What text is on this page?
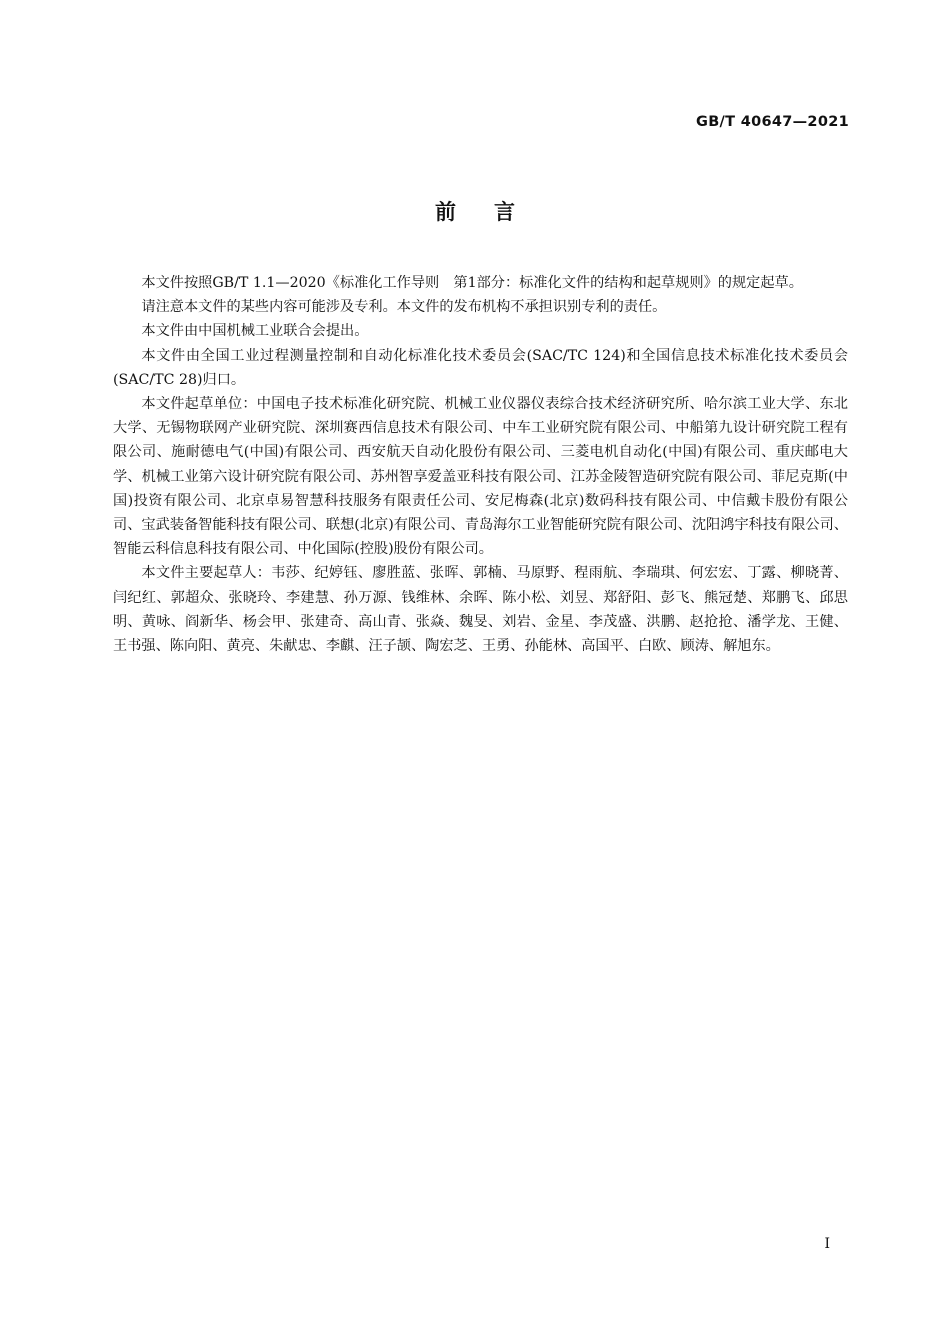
GB/T 40647—2021
前言

本文件按照GB/T 1.1—2020《标准化工作导则　第1部分：标准化文件的结构和起草规则》的规定起草。

请注意本文件的某些内容可能涉及专利。本文件的发布机构不承担识别专利的责任。

本文件由中国机械工业联合会提出。

本文件由全国工业过程测量控制和自动化标准化技术委员会(SAC/TC 124)和全国信息技术标准化技术委员会(SAC/TC 28)归口。

本文件起草单位：中国电子技术标准化研究院、机械工业仪器仪表综合技术经济研究所、哈尔滨工业大学、东北大学、无锡物联网产业研究院、深圳赛西信息技术有限公司、中车工业研究院有限公司、中船第九设计研究院工程有限公司、施耐德电气(中国)有限公司、西安航天自动化股份有限公司、三菱电机自动化(中国)有限公司、重庆邮电大学、机械工业第六设计研究院有限公司、苏州智享爱盖亚科技有限公司、江苏金陵智造研究院有限公司、菲尼克斯(中国)投资有限公司、北京卓易智慧科技服务有限责任公司、安尼梅森(北京)数码科技有限公司、中信戴卡股份有限公司、宝武装备智能科技有限公司、联想(北京)有限公司、青岛海尔工业智能研究院有限公司、沈阳鸿宇科技有限公司、智能云科信息科技有限公司、中化国际(控股)股份有限公司。

本文件主要起草人：韦莎、纪婷钰、廖胜蓝、张晖、郭楠、马原野、程雨航、李瑞琪、何宏宏、丁露、柳晓菁、闫纪红、郭超众、张晓玲、李建慧、孙万源、钱维林、余晖、陈小松、刘昱、郑舒阳、彭飞、熊冠楚、郑鹏飞、邱思明、黄咏、阎新华、杨会甲、张建奇、高山青、张焱、魏旻、刘岩、金星、李茂盛、洪鹏、赵抢抢、潘学龙、王健、王书强、陈向阳、黄亮、朱献忠、李麒、汪子颉、陶宏芝、王勇、孙能林、高国平、白欧、顾涛、解旭东。

I
